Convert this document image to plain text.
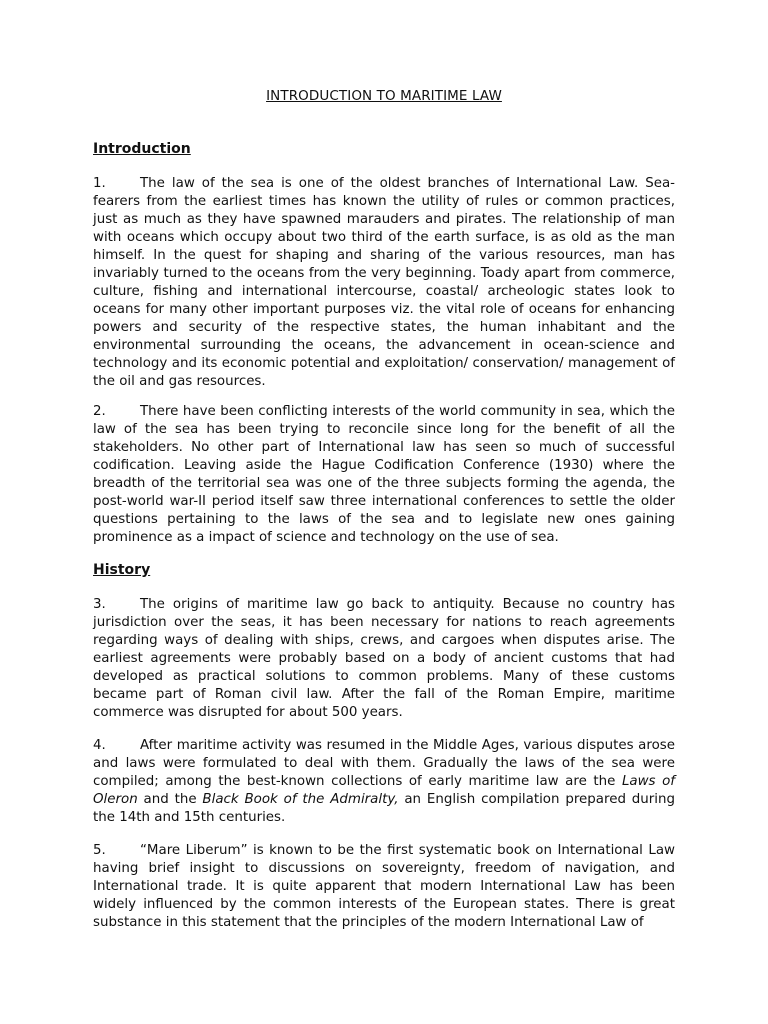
INTRODUCTION TO MARITIME LAW
Introduction

1.	The law of the sea is one of the oldest branches of International Law. Sea-fearers from the earliest times has known the utility of rules or common practices, just as much as they have spawned marauders and pirates. The relationship of man with oceans which occupy about two third of the earth surface, is as old as the man himself. In the quest for shaping and sharing of the various resources, man has invariably turned to the oceans from the very beginning. Toady apart from commerce, culture, fishing and international intercourse, coastal/ archeologic states look to oceans for many other important purposes viz. the vital role of oceans for enhancing powers and security of the respective states, the human inhabitant and the environmental surrounding the oceans, the advancement in ocean-science and technology and its economic potential and exploitation/ conservation/ management of the oil and gas resources.

2.	There have been conflicting interests of the world community in sea, which the law of the sea has been trying to reconcile since long for the benefit of all the stakeholders. No other part of International law has seen so much of successful codification. Leaving aside the Hague Codification Conference (1930) where the breadth of the territorial sea was one of the three subjects forming the agenda, the post-world war-II period itself saw three international conferences to settle the older questions pertaining to the laws of the sea and to legislate new ones gaining prominence as a impact of science and technology on the use of sea.

History

3.	The origins of maritime law go back to antiquity. Because no country has jurisdiction over the seas, it has been necessary for nations to reach agreements regarding ways of dealing with ships, crews, and cargoes when disputes arise. The earliest agreements were probably based on a body of ancient customs that had developed as practical solutions to common problems. Many of these customs became part of Roman civil law. After the fall of the Roman Empire, maritime commerce was disrupted for about 500 years.

4.	After maritime activity was resumed in the Middle Ages, various disputes arose and laws were formulated to deal with them. Gradually the laws of the sea were compiled; among the best-known collections of early maritime law are the Laws of Oleron and the Black Book of the Admiralty, an English compilation prepared during the 14th and 15th centuries.

5.	“Mare Liberum” is known to be the first systematic book on International Law having brief insight to discussions on sovereignty, freedom of navigation, and International trade. It is quite apparent that modern International Law has been widely influenced by the common interests of the European states. There is great substance in this statement that the principles of the modern International Law of
